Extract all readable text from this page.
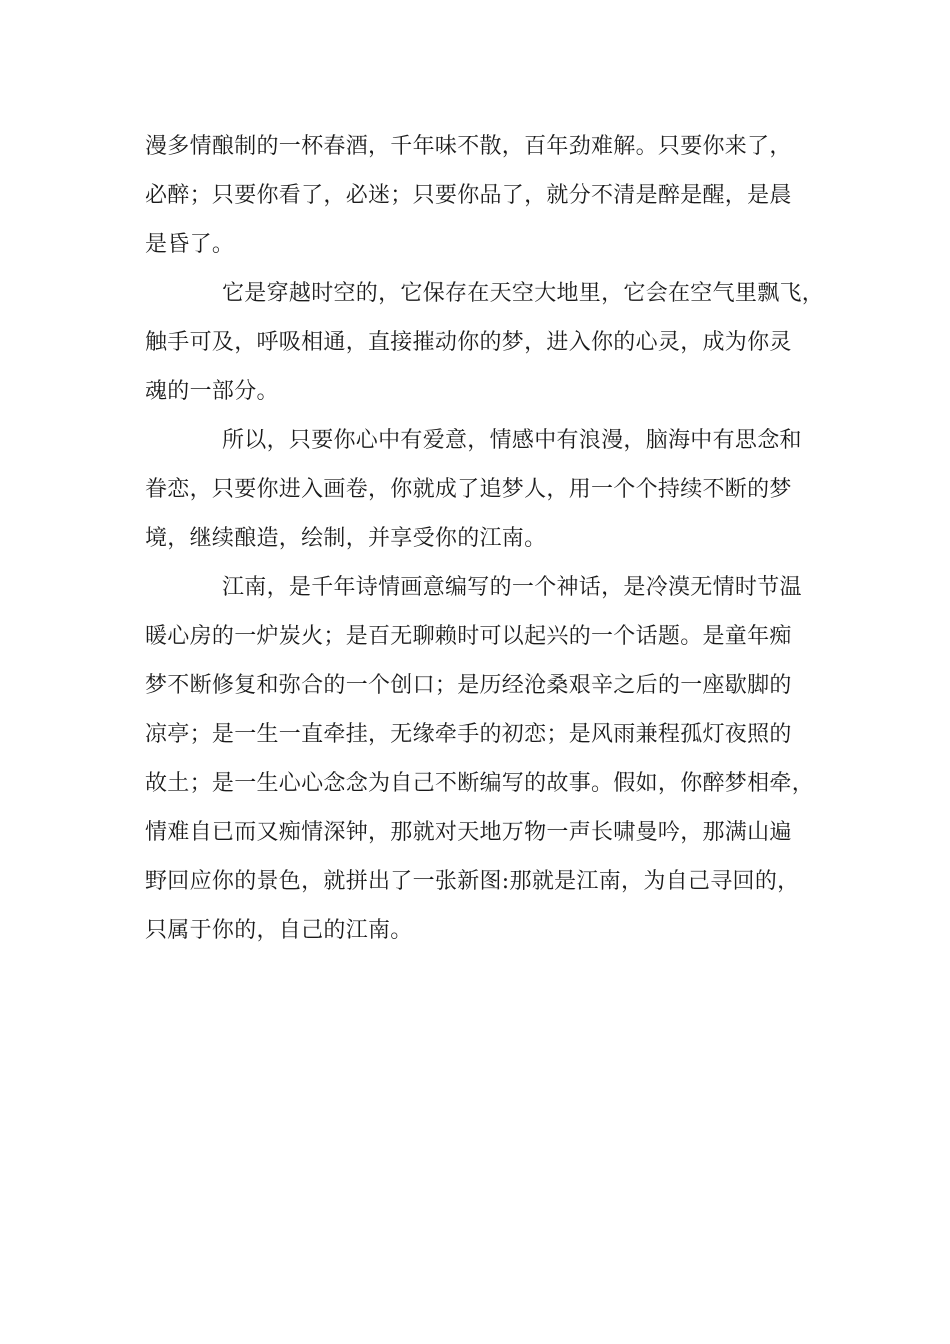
漫多情酿制的一杯春酒，千年味不散，百年劲难解。只要你来了，
必醉；只要你看了，必迷；只要你品了，就分不清是醉是醒，是晨
是昏了。
它是穿越时空的，它保存在天空大地里，它会在空气里飘飞，
触手可及，呼吸相通，直接摧动你的梦，进入你的心灵，成为你灵
魂的一部分。
所以，只要你心中有爱意，情感中有浪漫，脑海中有思念和
眷恋，只要你进入画卷，你就成了追梦人，用一个个持续不断的梦
境，继续酿造，绘制，并享受你的江南。
江南，是千年诗情画意编写的一个神话，是冷漠无情时节温
暖心房的一炉炭火；是百无聊赖时可以起兴的一个话题。是童年痴
梦不断修复和弥合的一个创口；是历经沧桑艰辛之后的一座歇脚的
凉亭；是一生一直牵挂，无缘牵手的初恋；是风雨兼程孤灯夜照的
故土；是一生心心念念为自己不断编写的故事。假如，你醉梦相牵，
情难自已而又痴情深钟，那就对天地万物一声长啸曼吟，那满山遍
野回应你的景色，就拼出了一张新图:那就是江南，为自己寻回的，
只属于你的，自己的江南。
